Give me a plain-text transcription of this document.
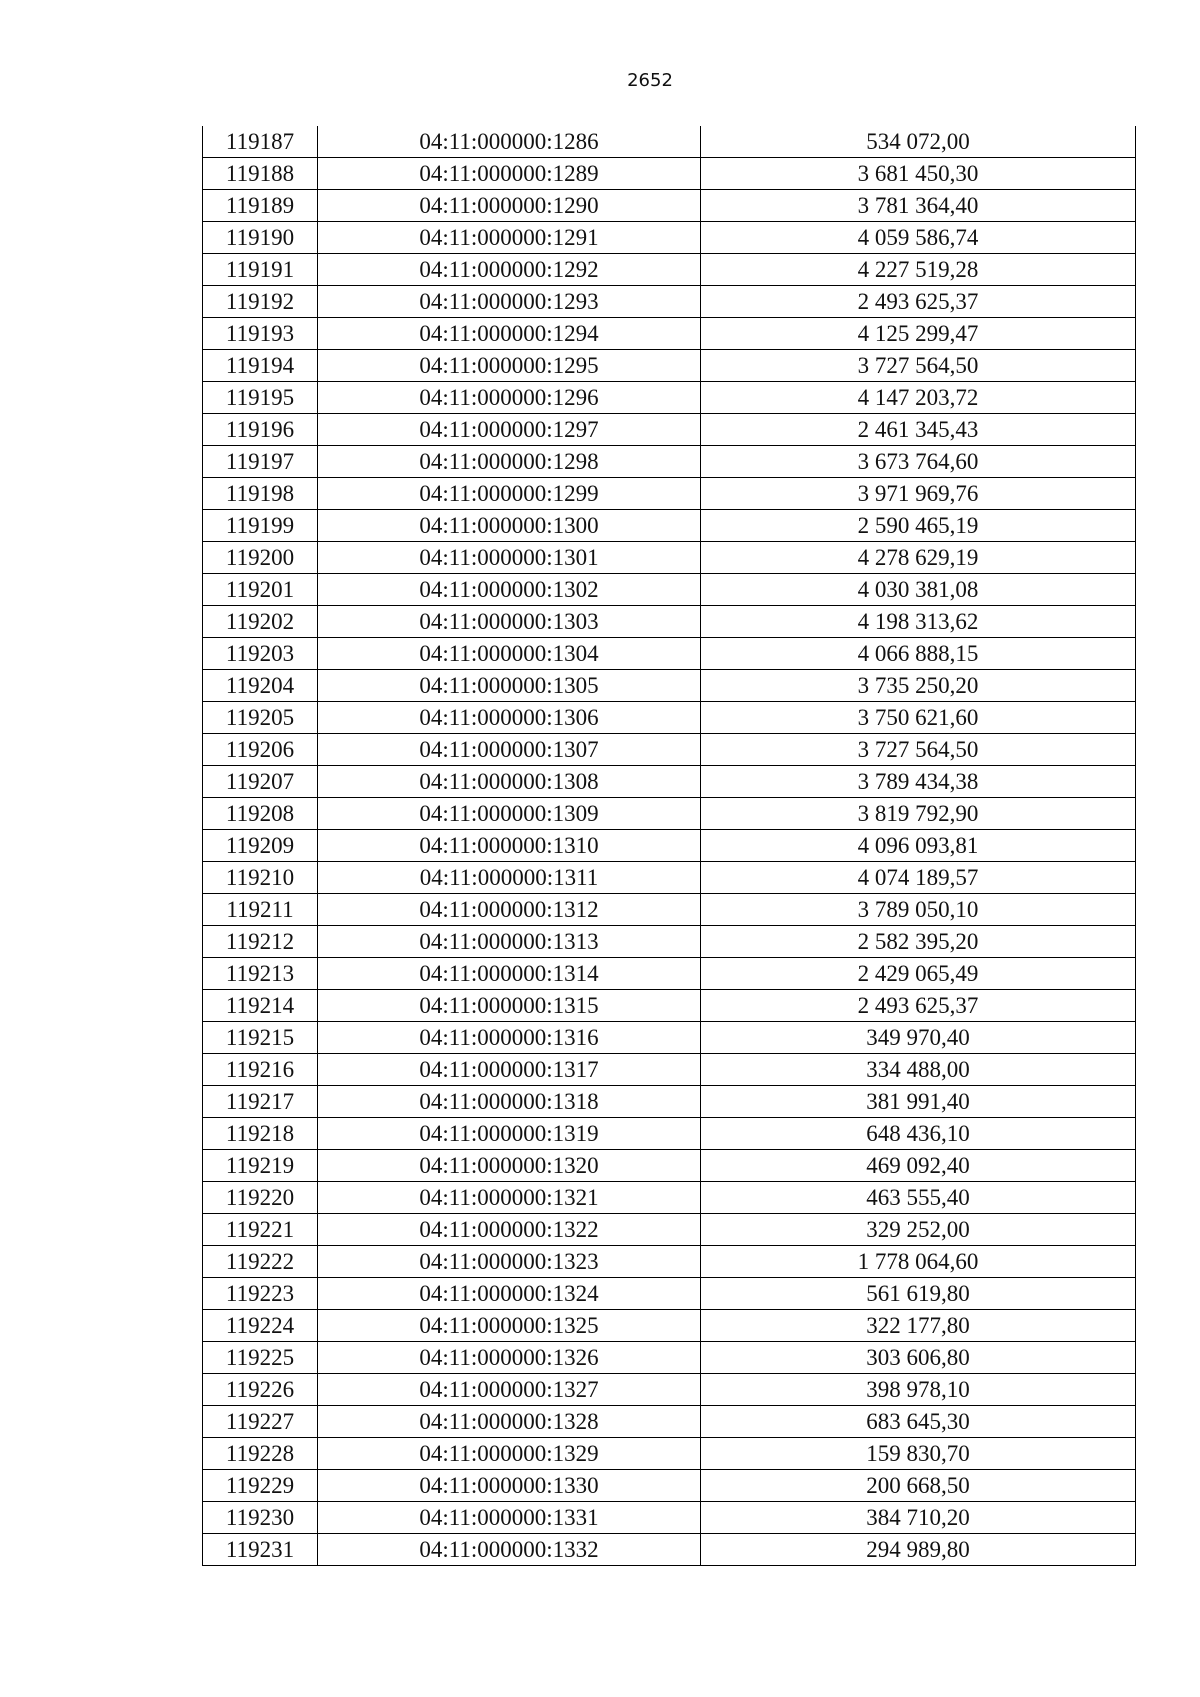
2652
119187	04:11:000000:1286	534 072,00
119188	04:11:000000:1289	3 681 450,30
119189	04:11:000000:1290	3 781 364,40
119190	04:11:000000:1291	4 059 586,74
119191	04:11:000000:1292	4 227 519,28
119192	04:11:000000:1293	2 493 625,37
119193	04:11:000000:1294	4 125 299,47
119194	04:11:000000:1295	3 727 564,50
119195	04:11:000000:1296	4 147 203,72
119196	04:11:000000:1297	2 461 345,43
119197	04:11:000000:1298	3 673 764,60
119198	04:11:000000:1299	3 971 969,76
119199	04:11:000000:1300	2 590 465,19
119200	04:11:000000:1301	4 278 629,19
119201	04:11:000000:1302	4 030 381,08
119202	04:11:000000:1303	4 198 313,62
119203	04:11:000000:1304	4 066 888,15
119204	04:11:000000:1305	3 735 250,20
119205	04:11:000000:1306	3 750 621,60
119206	04:11:000000:1307	3 727 564,50
119207	04:11:000000:1308	3 789 434,38
119208	04:11:000000:1309	3 819 792,90
119209	04:11:000000:1310	4 096 093,81
119210	04:11:000000:1311	4 074 189,57
119211	04:11:000000:1312	3 789 050,10
119212	04:11:000000:1313	2 582 395,20
119213	04:11:000000:1314	2 429 065,49
119214	04:11:000000:1315	2 493 625,37
119215	04:11:000000:1316	349 970,40
119216	04:11:000000:1317	334 488,00
119217	04:11:000000:1318	381 991,40
119218	04:11:000000:1319	648 436,10
119219	04:11:000000:1320	469 092,40
119220	04:11:000000:1321	463 555,40
119221	04:11:000000:1322	329 252,00
119222	04:11:000000:1323	1 778 064,60
119223	04:11:000000:1324	561 619,80
119224	04:11:000000:1325	322 177,80
119225	04:11:000000:1326	303 606,80
119226	04:11:000000:1327	398 978,10
119227	04:11:000000:1328	683 645,30
119228	04:11:000000:1329	159 830,70
119229	04:11:000000:1330	200 668,50
119230	04:11:000000:1331	384 710,20
119231	04:11:000000:1332	294 989,80
